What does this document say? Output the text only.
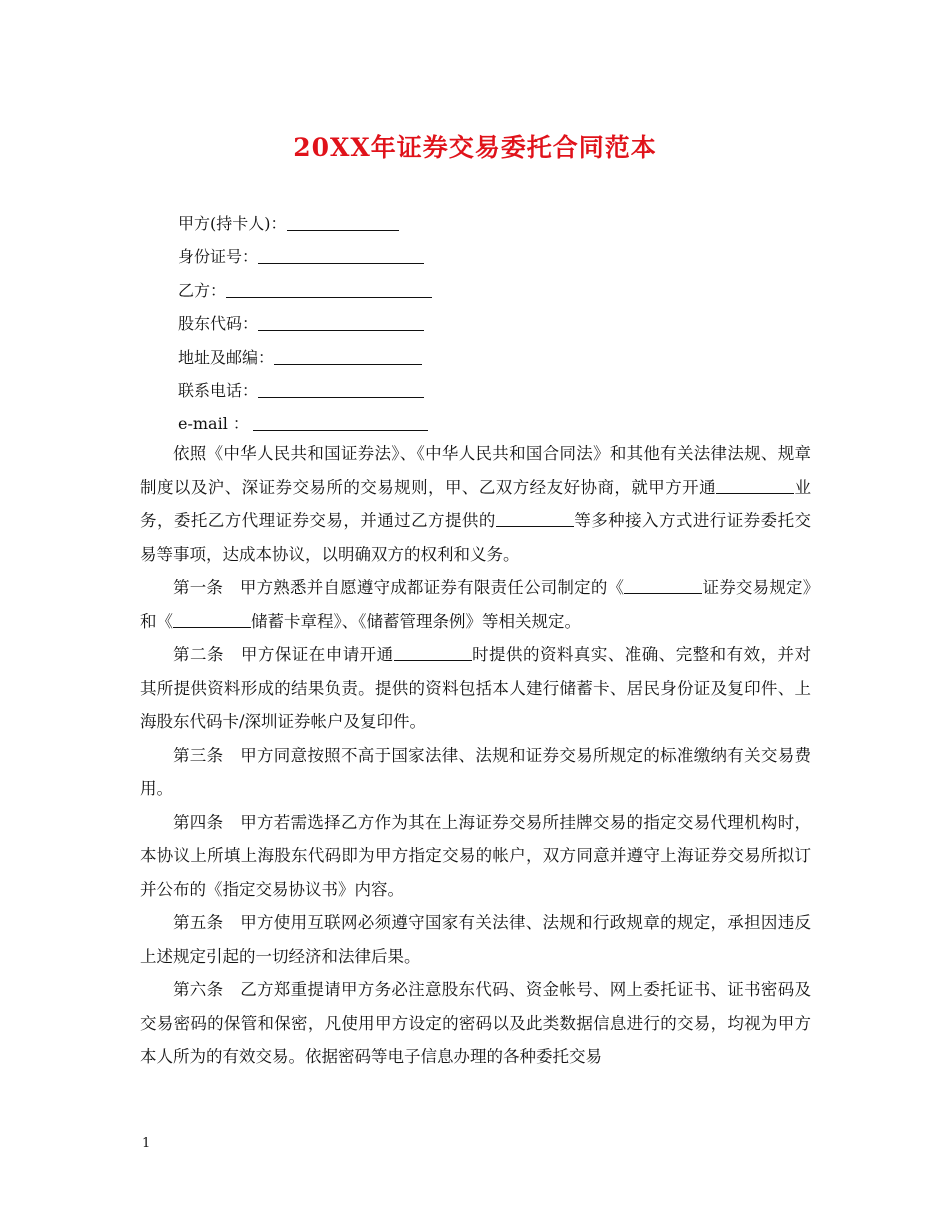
20XX年证券交易委托合同范本
甲方(持卡人)：
身份证号：
乙方：
股东代码：
地址及邮编：
联系电话：
e-mail ：

依照《中华人民共和国证券法》、《中华人民共和国合同法》和其他有关法律法规、规章制度以及沪、深证券交易所的交易规则，甲、乙双方经友好协商，就甲方开通	业务，委托乙方代理证券交易，并通过乙方提供的	等多种接入方式进行证券委托交易等事项，达成本协议，以明确双方的权利和义务。

第一条　甲方熟悉并自愿遵守成都证券有限责任公司制定的《	证券交易规定》和《	储蓄卡章程》、《储蓄管理条例》等相关规定。

第二条　甲方保证在申请开通	时提供的资料真实、准确、完整和有效，并对其所提供资料形成的结果负责。提供的资料包括本人建行储蓄卡、居民身份证及复印件、上海股东代码卡/深圳证券帐户及复印件。

第三条　甲方同意按照不高于国家法律、法规和证券交易所规定的标准缴纳有关交易费用。

第四条　甲方若需选择乙方作为其在上海证券交易所挂牌交易的指定交易代理机构时，本协议上所填上海股东代码即为甲方指定交易的帐户，双方同意并遵守上海证券交易所拟订并公布的《指定交易协议书》内容。

第五条　甲方使用互联网必须遵守国家有关法律、法规和行政规章的规定，承担因违反上述规定引起的一切经济和法律后果。

第六条　乙方郑重提请甲方务必注意股东代码、资金帐号、网上委托证书、证书密码及交易密码的保管和保密，凡使用甲方设定的密码以及此类数据信息进行的交易，均视为甲方本人所为的有效交易。依据密码等电子信息办理的各种委托交易

1
